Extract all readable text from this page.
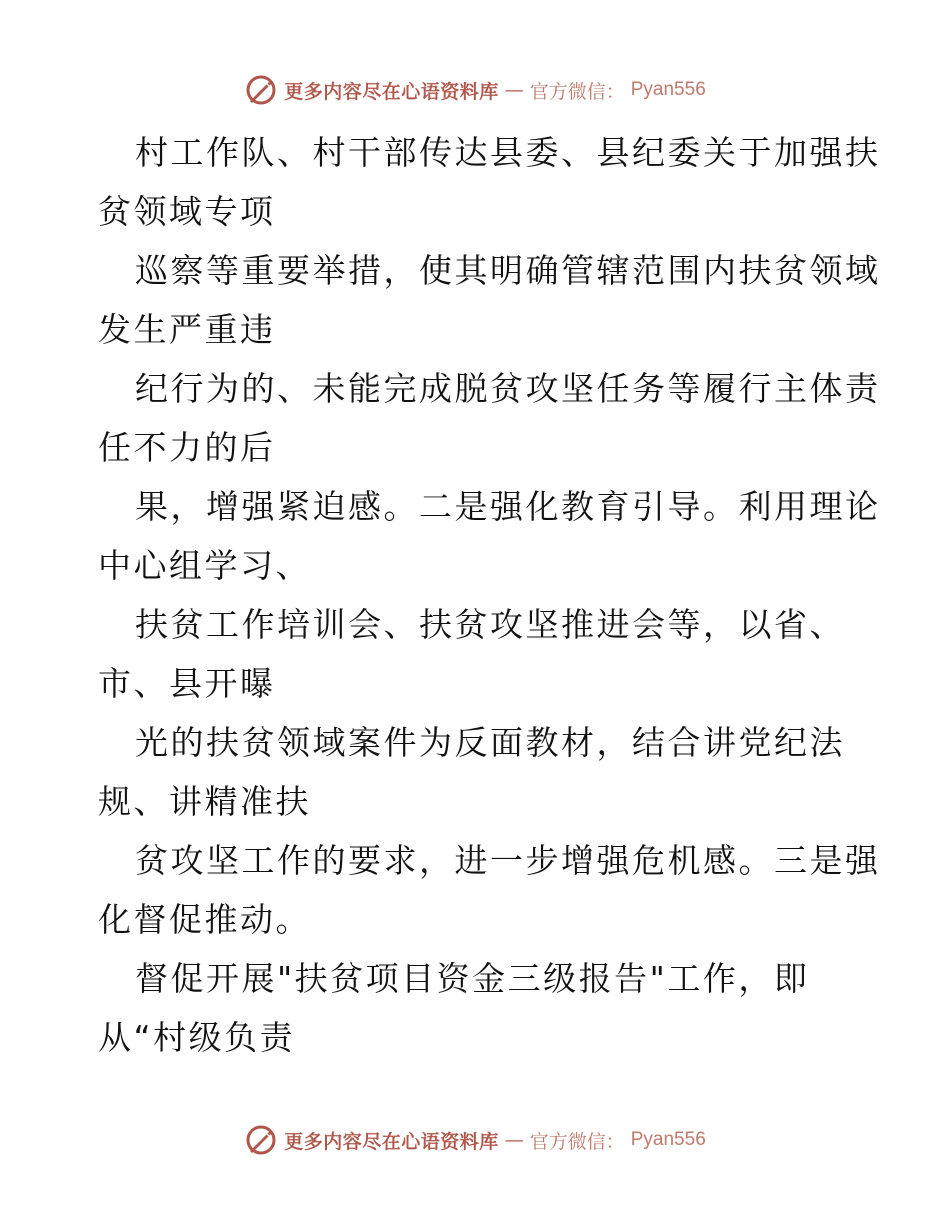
更多内容尽在心语资料库 — 官方微信： Pyan556
村工作队、村干部传达县委、县纪委关于加强扶
贫领域专项
巡察等重要举措，使其明确管辖范围内扶贫领域
发生严重违
纪行为的、未能完成脱贫攻坚任务等履行主体责
任不力的后
果，增强紧迫感。二是强化教育引导。利用理论
中心组学习、
扶贫工作培训会、扶贫攻坚推进会等，以省、
市、县开曝
光的扶贫领域案件为反面教材，结合讲党纪法
规、讲精准扶
贫攻坚工作的要求，进一步增强危机感。三是强
化督促推动。
督促开展"扶贫项目资金三级报告"工作，即
从“村级负责
更多内容尽在心语资料库 — 官方微信： Pyan556
